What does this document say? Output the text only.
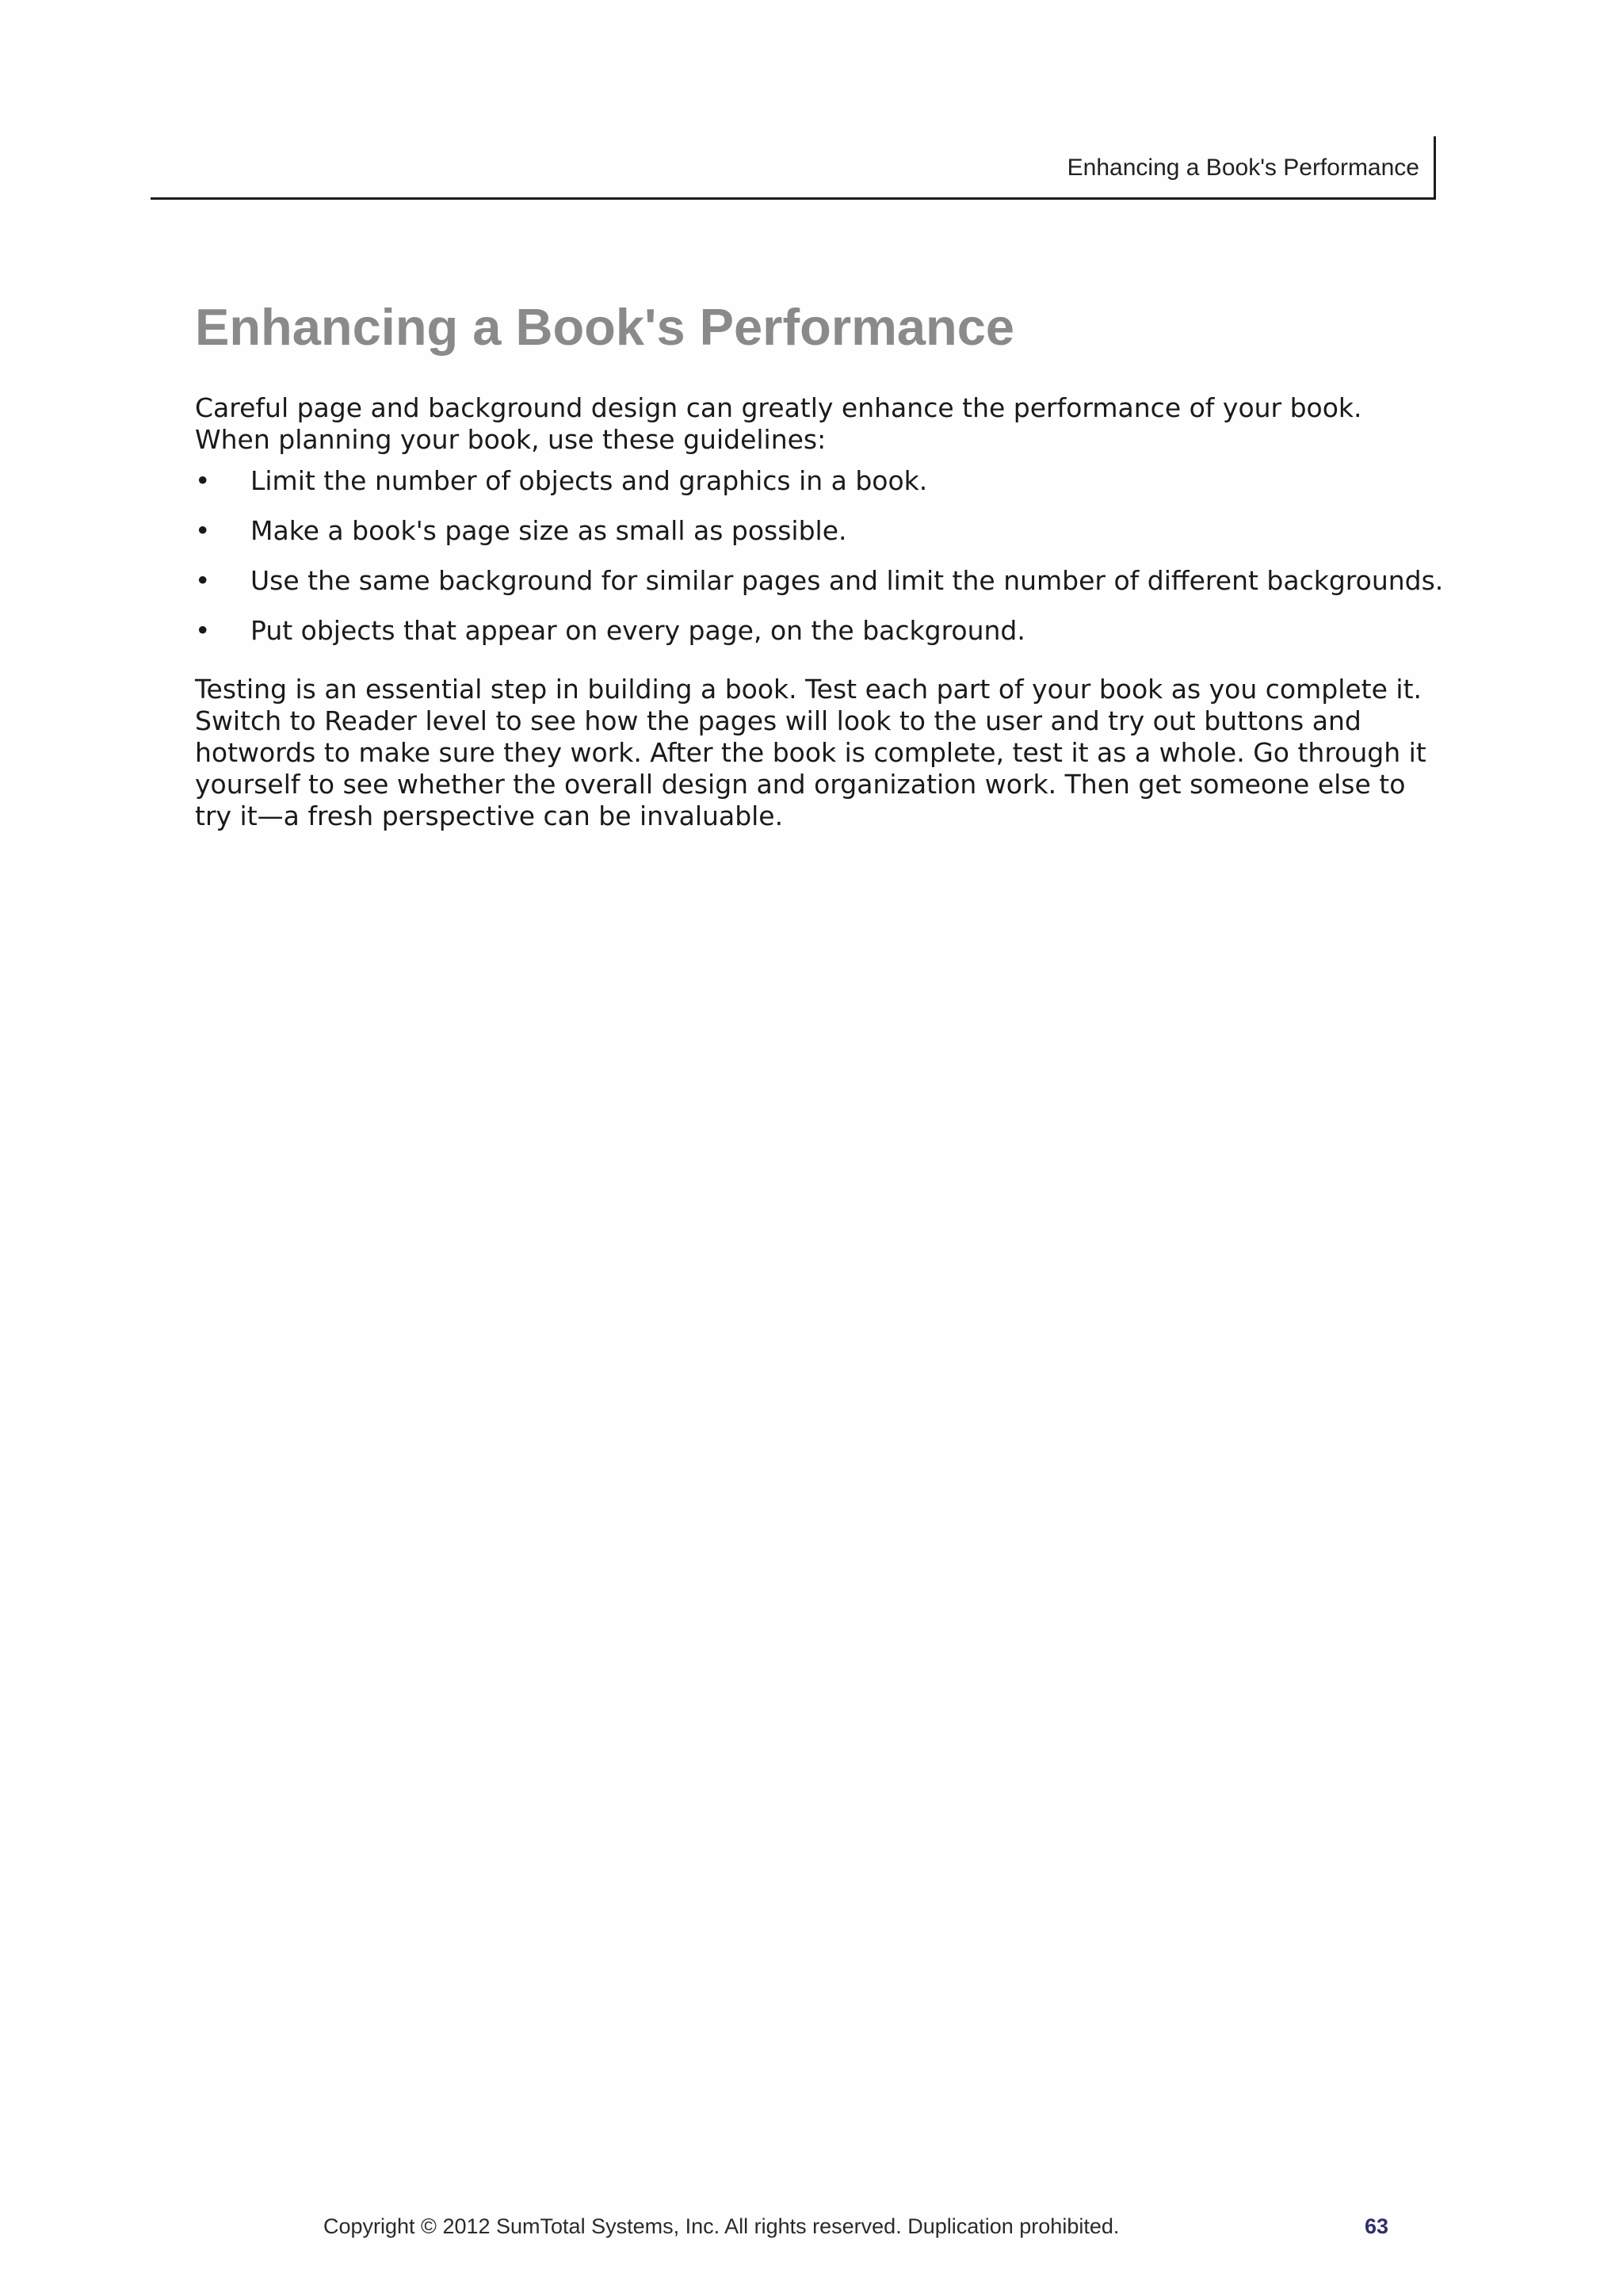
Enhancing a Book's Performance
Enhancing a Book's Performance

Careful page and background design can greatly enhance the performance of your book. When planning your book, use these guidelines:

•	Limit the number of objects and graphics in a book.
•	Make a book's page size as small as possible.
•	Use the same background for similar pages and limit the number of different backgrounds.
•	Put objects that appear on every page, on the background.

Testing is an essential step in building a book. Test each part of your book as you complete it. Switch to Reader level to see how the pages will look to the user and try out buttons and hotwords to make sure they work. After the book is complete, test it as a whole. Go through it yourself to see whether the overall design and organization work. Then get someone else to try it—a fresh perspective can be invaluable.

Copyright © 2012 SumTotal Systems, Inc. All rights reserved. Duplication prohibited.	63
